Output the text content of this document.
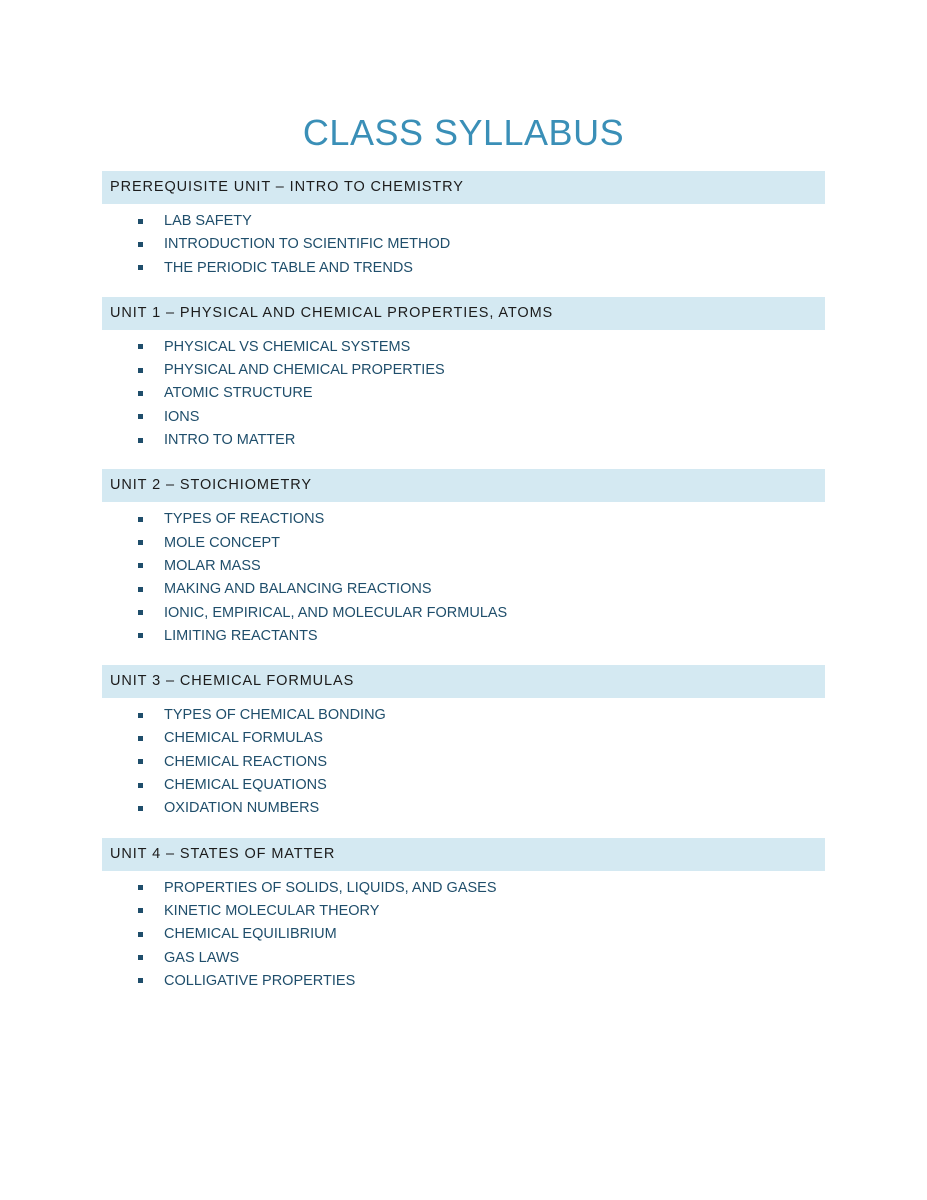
CLASS SYLLABUS
PREREQUISITE UNIT – INTRO TO CHEMISTRY
LAB SAFETY
INTRODUCTION TO SCIENTIFIC METHOD
THE PERIODIC TABLE AND TRENDS
UNIT 1 – PHYSICAL AND CHEMICAL PROPERTIES, ATOMS
PHYSICAL VS CHEMICAL SYSTEMS
PHYSICAL AND CHEMICAL PROPERTIES
ATOMIC STRUCTURE
IONS
INTRO TO MATTER
UNIT 2 – STOICHIOMETRY
TYPES OF REACTIONS
MOLE CONCEPT
MOLAR MASS
MAKING AND BALANCING REACTIONS
IONIC, EMPIRICAL, AND MOLECULAR FORMULAS
LIMITING REACTANTS
UNIT 3 – CHEMICAL FORMULAS
TYPES OF CHEMICAL BONDING
CHEMICAL FORMULAS
CHEMICAL REACTIONS
CHEMICAL EQUATIONS
OXIDATION NUMBERS
UNIT 4 – STATES OF MATTER
PROPERTIES OF SOLIDS, LIQUIDS, AND GASES
KINETIC MOLECULAR THEORY
CHEMICAL EQUILIBRIUM
GAS LAWS
COLLIGATIVE PROPERTIES
